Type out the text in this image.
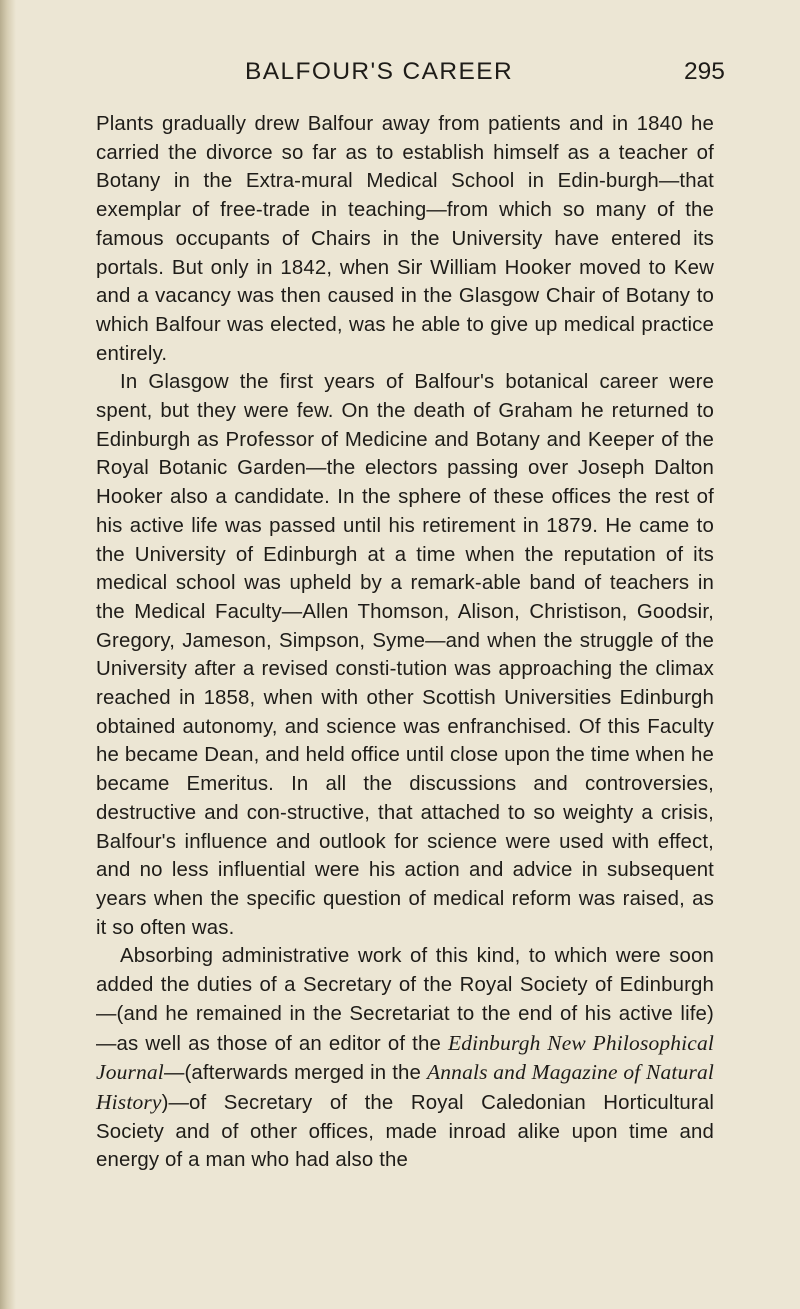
BALFOUR'S CAREER	295

Plants gradually drew Balfour away from patients and in 1840 he carried the divorce so far as to establish himself as a teacher of Botany in the Extra-mural Medical School in Edin-burgh—that exemplar of free-trade in teaching—from which so many of the famous occupants of Chairs in the University have entered its portals. But only in 1842, when Sir William Hooker moved to Kew and a vacancy was then caused in the Glasgow Chair of Botany to which Balfour was elected, was he able to give up medical practice entirely.

In Glasgow the first years of Balfour's botanical career were spent, but they were few. On the death of Graham he returned to Edinburgh as Professor of Medicine and Botany and Keeper of the Royal Botanic Garden—the electors passing over Joseph Dalton Hooker also a candidate. In the sphere of these offices the rest of his active life was passed until his retirement in 1879. He came to the University of Edinburgh at a time when the reputation of its medical school was upheld by a remark-able band of teachers in the Medical Faculty—Allen Thomson, Alison, Christison, Goodsir, Gregory, Jameson, Simpson, Syme—and when the struggle of the University after a revised consti-tution was approaching the climax reached in 1858, when with other Scottish Universities Edinburgh obtained autonomy, and science was enfranchised. Of this Faculty he became Dean, and held office until close upon the time when he became Emeritus. In all the discussions and controversies, destructive and con-structive, that attached to so weighty a crisis, Balfour's influence and outlook for science were used with effect, and no less influential were his action and advice in subsequent years when the specific question of medical reform was raised, as it so often was.

Absorbing administrative work of this kind, to which were soon added the duties of a Secretary of the Royal Society of Edinburgh—(and he remained in the Secretariat to the end of his active life)—as well as those of an editor of the Edinburgh New Philosophical Journal—(afterwards merged in the Annals and Magazine of Natural History)—of Secretary of the Royal Caledonian Horticultural Society and of other offices, made inroad alike upon time and energy of a man who had also the
